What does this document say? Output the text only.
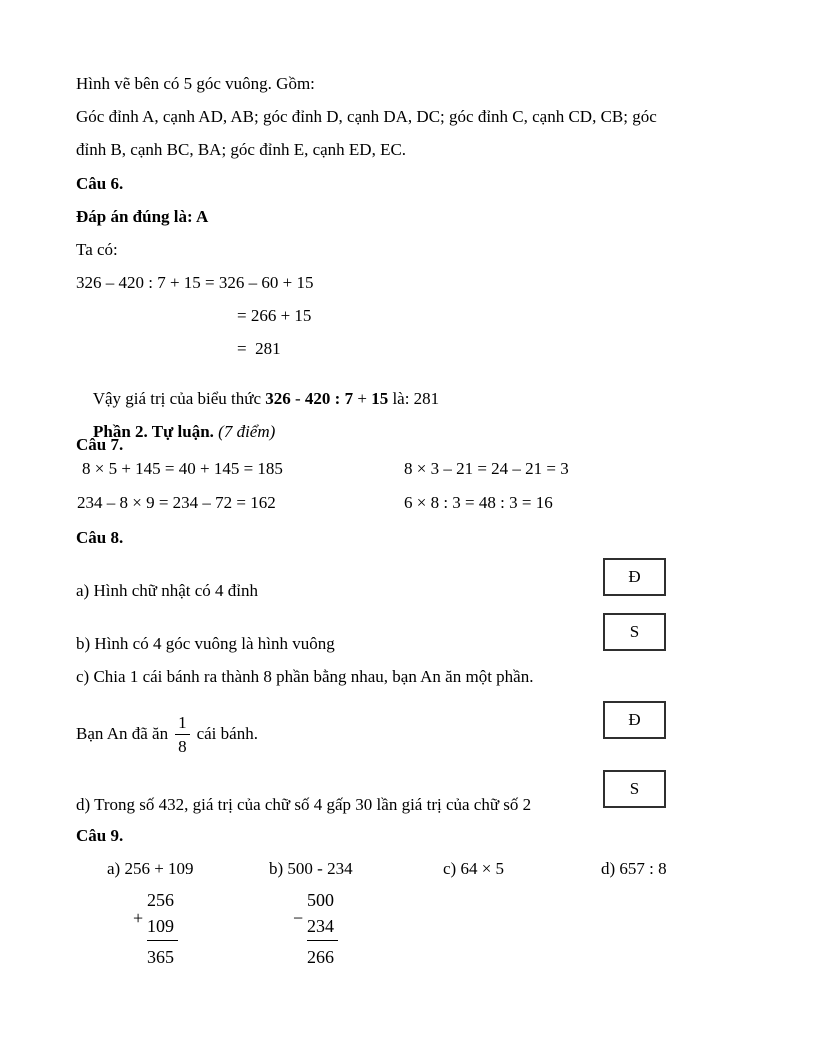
Hình vẽ bên có 5 góc vuông. Gồm:
Góc đỉnh A, cạnh AD, AB; góc đỉnh D, cạnh DA, DC; góc đỉnh C, cạnh CD, CB; góc
đỉnh B, cạnh BC, BA; góc đỉnh E, cạnh ED, EC.
Câu 6.
Đáp án đúng là: A
Ta có:
326 – 420 : 7 + 15 = 326 – 60 + 15
= 266 + 15
=  281

Vậy giá trị của biểu thức 326 - 420 : 7 + 15 là: 281

Phần 2. Tự luận. (7 điểm)

Câu 7.
8 × 5 + 145 = 40 + 145 = 185	8 × 3 – 21 = 24 – 21 = 3
234 – 8 × 9 = 234 – 72 = 162	6 × 8 : 3 = 48 : 3 = 16
Câu 8.
Đ
a) Hình chữ nhật có 4 đỉnh
S
b) Hình có 4 góc vuông là hình vuông
c) Chia 1 cái bánh ra thành 8 phần bằng nhau, bạn An ăn một phần.
Đ
Bạn An đã ăn $\frac{1}{8}$ cái bánh.
S
d) Trong số 432, giá trị của chữ số 4 gấp 30 lần giá trị của chữ số 2
Câu 9.
a) 256 + 109	b) 500 - 234	c) 64 × 5	d) 657 : 8
+
256
109
365
−
500
234
266
